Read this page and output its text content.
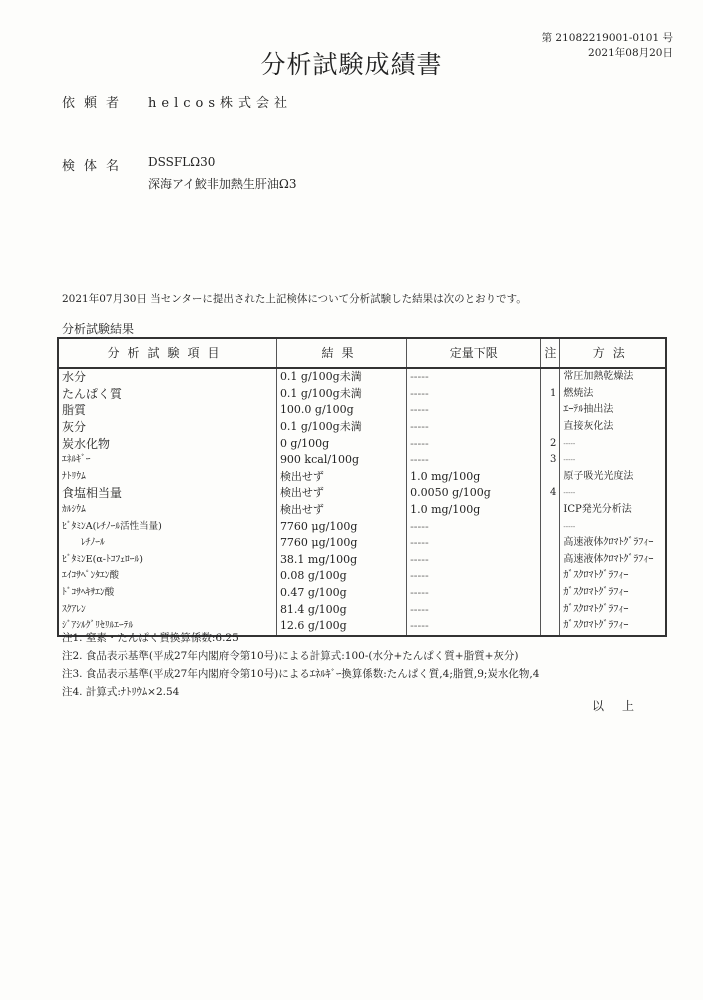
第 21082219001-0101 号
2021年08月20日
分析試験成績書
依頼者 helcos株式会社
検体名 DSSFLΩ30
深海アイ鮫非加熱生肝油Ω3
2021年07月30日 当センターに提出された上記検体について分析試験した結果は次のとおりです。
分析試験結果
分析試験項目	結果	定量下限	注	方法
水分	0.1 g/100g未満	-----		常圧加熱乾燥法
たんぱく質	0.1 g/100g未満	-----	1	燃焼法
脂質	100.0 g/100g	-----		ｴｰﾃﾙ抽出法
灰分	0.1 g/100g未満	-----		直接灰化法
炭水化物	0 g/100g	-----	2	-----
ｴﾈﾙｷﾞｰ	900 kcal/100g	-----	3	-----
ﾅﾄﾘｳﾑ	検出せず	1.0 mg/100g		原子吸光光度法
食塩相当量	検出せず	0.0050 g/100g	4	-----
ｶﾙｼｳﾑ	検出せず	1.0 mg/100g		ICP発光分析法
ﾋﾞﾀﾐﾝA(ﾚﾁﾉｰﾙ活性当量)	7760 μg/100g	-----		-----
ﾚﾁﾉｰﾙ	7760 μg/100g	-----		高速液体ｸﾛﾏﾄｸﾞﾗﾌｨｰ
ﾋﾞﾀﾐﾝE(α-ﾄｺﾌｪﾛｰﾙ)	38.1 mg/100g	-----		高速液体ｸﾛﾏﾄｸﾞﾗﾌｨｰ
ｴｲｺｻﾍﾟﾝﾀｴﾝ酸	0.08 g/100g	-----		ｶﾞｽｸﾛﾏﾄｸﾞﾗﾌｨｰ
ﾄﾞｺｻﾍｷｻｴﾝ酸	0.47 g/100g	-----		ｶﾞｽｸﾛﾏﾄｸﾞﾗﾌｨｰ
ｽｸｱﾚﾝ	81.4 g/100g	-----		ｶﾞｽｸﾛﾏﾄｸﾞﾗﾌｨｰ
ｼﾞｱｼﾙｸﾞﾘｾﾘﾙｴｰﾃﾙ	12.6 g/100g	-----		ｶﾞｽｸﾛﾏﾄｸﾞﾗﾌｨｰ
注1. 窒素・たんぱく質換算係数:6.25
注2. 食品表示基準(平成27年内閣府令第10号)による計算式:100-(水分+たんぱく質+脂質+灰分)
注3. 食品表示基準(平成27年内閣府令第10号)によるｴﾈﾙｷﾞｰ換算係数:たんぱく質,4;脂質,9;炭水化物,4
注4. 計算式:ﾅﾄﾘｳﾑ×2.54
以上
